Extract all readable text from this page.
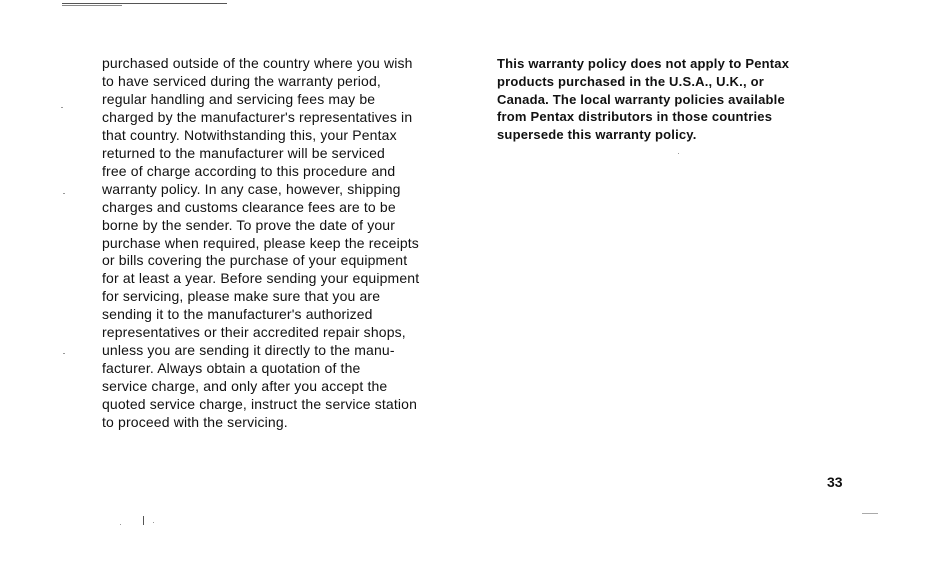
purchased outside of the country where you wish
to have serviced during the warranty period,
regular handling and servicing fees may be
charged by the manufacturer's representatives in
that country. Notwithstanding this, your Pentax
returned to the manufacturer will be serviced
free of charge according to this procedure and
warranty policy. In any case, however, shipping
charges and customs clearance fees are to be
borne by the sender. To prove the date of your
purchase when required, please keep the receipts
or bills covering the purchase of your equipment
for at least a year. Before sending your equipment
for servicing, please make sure that you are
sending it to the manufacturer's authorized
representatives or their accredited repair shops,
unless you are sending it directly to the manu-
facturer. Always obtain a quotation of the
service charge, and only after you accept the
quoted service charge, instruct the service station
to proceed with the servicing.
This warranty policy does not apply to Pentax
products purchased in the U.S.A., U.K., or
Canada. The local warranty policies available
from Pentax distributors in those countries
supersede this warranty policy.
33
